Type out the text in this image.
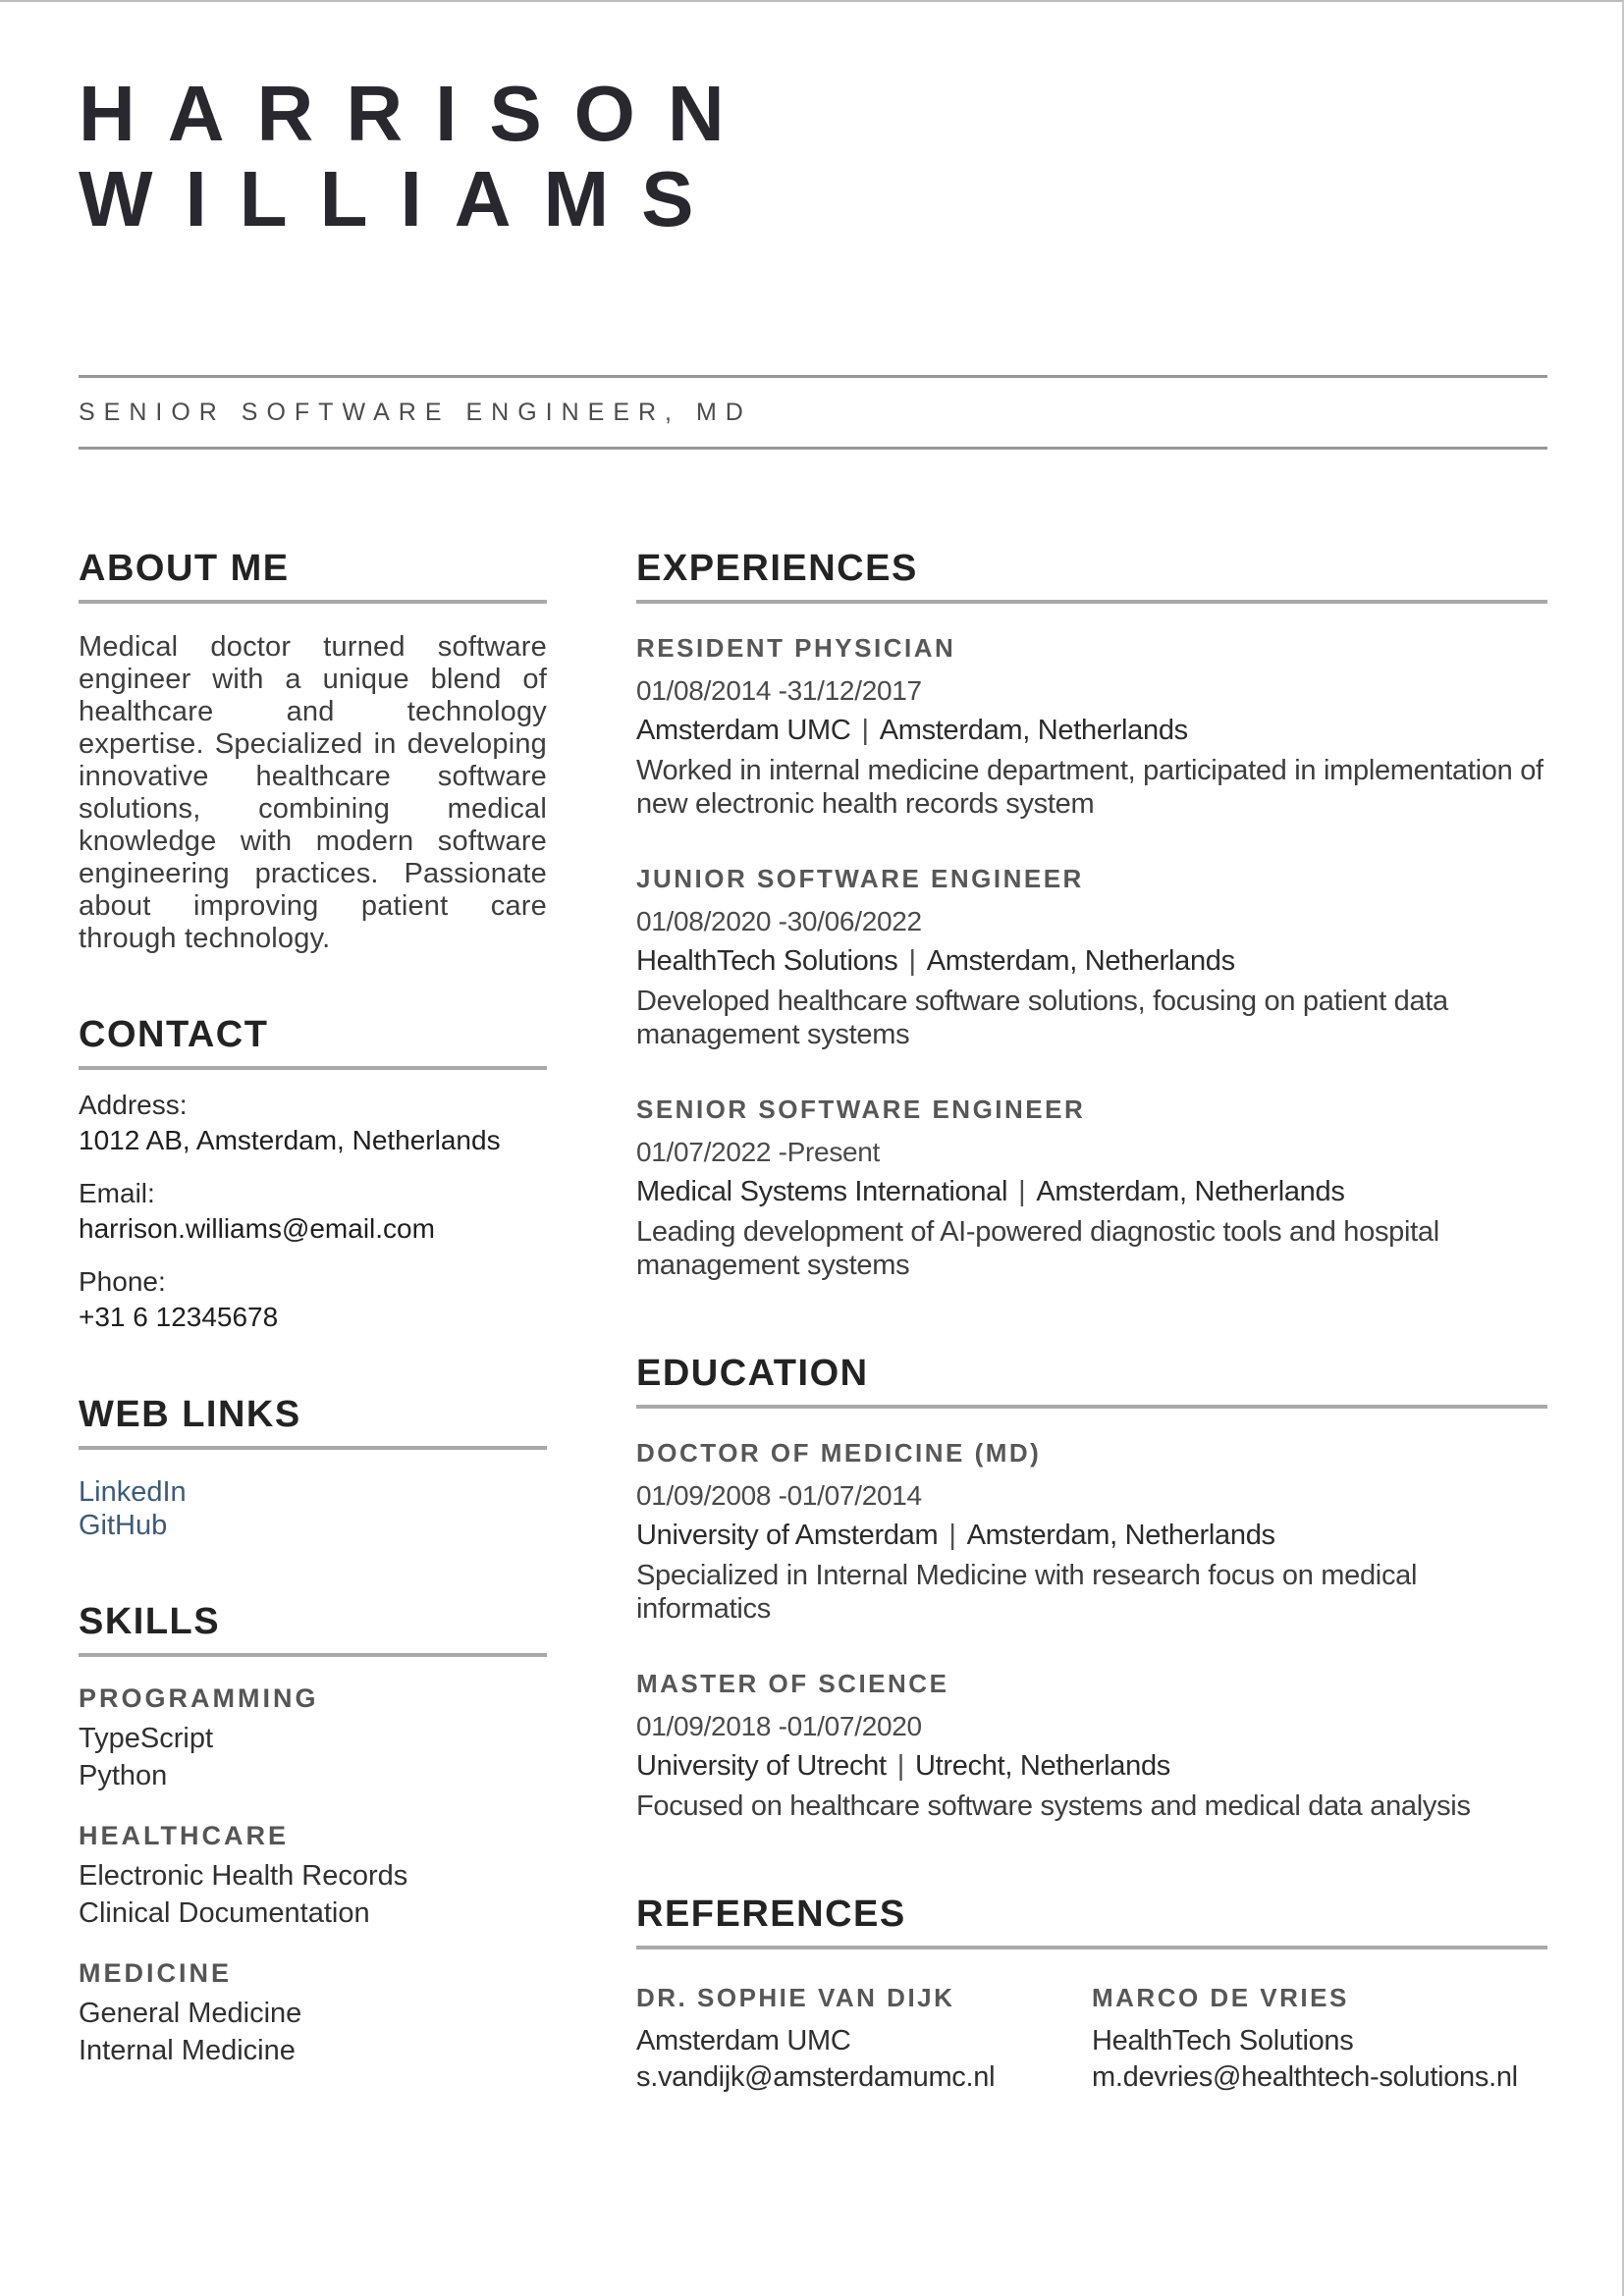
HARRISON
WILLIAMS
SENIOR SOFTWARE ENGINEER, MD
ABOUT ME

Medical doctor turned software engineer with a unique blend of healthcare and technology expertise. Specialized in developing innovative healthcare software solutions, combining medical knowledge with modern software engineering practices. Passionate about improving patient care through technology.

CONTACT
Address:
1012 AB, Amsterdam, Netherlands
Email:
harrison.williams@email.com
Phone:
+31 6 12345678
WEB LINKS
LinkedIn
GitHub
SKILLS
PROGRAMMING
TypeScript
Python
HEALTHCARE
Electronic Health Records
Clinical Documentation
MEDICINE
General Medicine
Internal Medicine
EXPERIENCES
RESIDENT PHYSICIAN
01/08/2014 -31/12/2017
Amsterdam UMC | Amsterdam, Netherlands
Worked in internal medicine department, participated in implementation of new electronic health records system
JUNIOR SOFTWARE ENGINEER
01/08/2020 -30/06/2022
HealthTech Solutions | Amsterdam, Netherlands
Developed healthcare software solutions, focusing on patient data management systems
SENIOR SOFTWARE ENGINEER
01/07/2022 -Present
Medical Systems International | Amsterdam, Netherlands
Leading development of AI-powered diagnostic tools and hospital management systems
EDUCATION
DOCTOR OF MEDICINE (MD)
01/09/2008 -01/07/2014
University of Amsterdam | Amsterdam, Netherlands
Specialized in Internal Medicine with research focus on medical informatics
MASTER OF SCIENCE
01/09/2018 -01/07/2020
University of Utrecht | Utrecht, Netherlands
Focused on healthcare software systems and medical data analysis
REFERENCES
DR. SOPHIE VAN DIJK
Amsterdam UMC
s.vandijk@amsterdamumc.nl
MARCO DE VRIES
HealthTech Solutions
m.devries@healthtech-solutions.nl
